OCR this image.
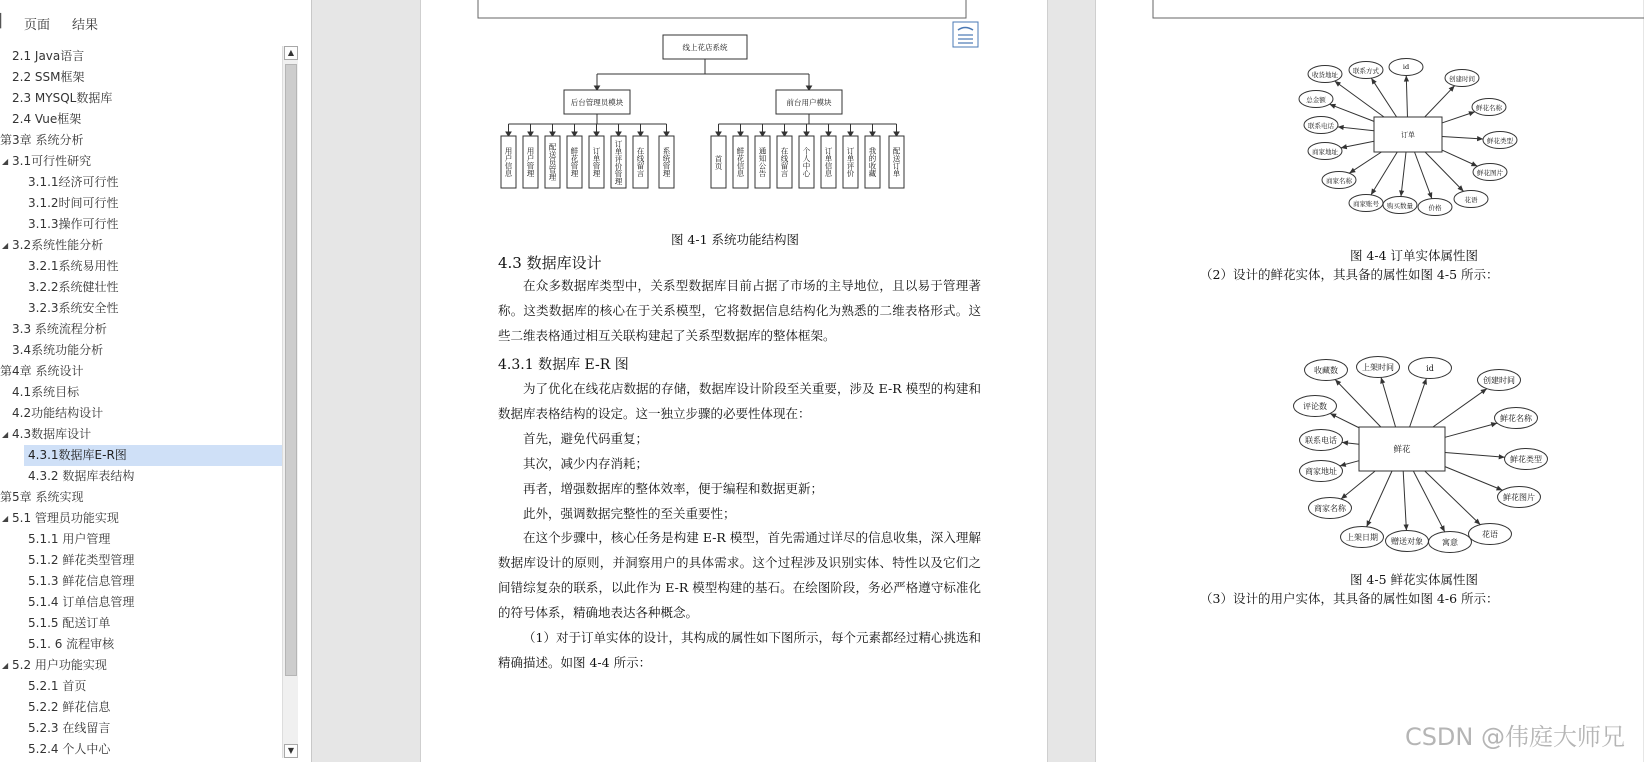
▏ 页面 结果
2.1 Java语言
2.2 SSM框架
2.3 MYSQL数据库
2.4 Vue框架
第3章 系统分析
◢ 3.1可行性研究
3.1.1经济可行性
3.1.2时间可行性
3.1.3操作可行性
◢ 3.2系统性能分析
3.2.1系统易用性
3.2.2系统健壮性
3.2.3系统安全性
3.3 系统流程分析
3.4系统功能分析
第4章 系统设计
4.1系统目标
4.2功能结构设计
◢ 4.3数据库设计
4.3.1数据库E-R图
4.3.2 数据库表结构
第5章 系统实现
◢ 5.1 管理员功能实现
5.1.1 用户管理
5.1.2 鲜花类型管理
5.1.3 鲜花信息管理
5.1.4 订单信息管理
5.1.5 配送订单
5.1. 6 流程审核
◢ 5.2 用户功能实现
5.2.1 首页
5.2.2 鲜花信息
5.2.3 在线留言
5.2.4 个人中心
▲
▼
线上花店系统
后台管理员模块	前台用户模块
用户信息	用户管理	配送员管理	鲜花管理	订单管理	订单评价管理	在线留言	系统管理	首页	鲜花信息	通知公告	在线留言	个人中心	订单信息	订单评价	我的收藏	配送订单
图 4-1 系统功能结构图
4.3 数据库设计
在众多数据库类型中，关系型数据库目前占据了市场的主导地位，且以易于管理著称。这类数据库的核心在于关系模型，它将数据信息结构化为熟悉的二维表格形式。这些二维表格通过相互关联构建起了关系型数据库的整体框架。
4.3.1 数据库 E-R 图
为了优化在线花店数据的存储，数据库设计阶段至关重要，涉及 E-R 模型的构建和数据库表格结构的设定。这一独立步骤的必要性体现在：
首先，避免代码重复；
其次，减少内存消耗；
再者，增强数据库的整体效率，便于编程和数据更新；
此外，强调数据完整性的至关重要性；
在这个步骤中，核心任务是构建 E-R 模型，首先需通过详尽的信息收集，深入理解数据库设计的原则，并洞察用户的具体需求。这个过程涉及识别实体、特性以及它们之间错综复杂的联系，以此作为 E-R 模型构建的基石。在绘图阶段，务必严格遵守标准化的符号体系，精确地表达各种概念。
（1）对于订单实体的设计，其构成的属性如下图所示，每个元素都经过精心挑选和精确描述。如图 4-4 所示：
订单
id
创建时间
鲜花名称
鲜花类型
鲜花图片
花语
价格
购买数量
商家账号
商家名称
商家地址
联系电话
总金额
收货地址	联系方式
鲜花
id
创建时间
鲜花名称
鲜花类型
鲜花图片
花语
寓意
赠送对象
上架日期
商家名称
商家地址
联系电话
评论数
收藏数	上架时间
图 4-4 订单实体属性图
（2）设计的鲜花实体，其具备的属性如图 4-5 所示：
图 4-5 鲜花实体属性图
（3）设计的用户实体，其具备的属性如图 4-6 所示：
CSDN @伟庭大师兄
